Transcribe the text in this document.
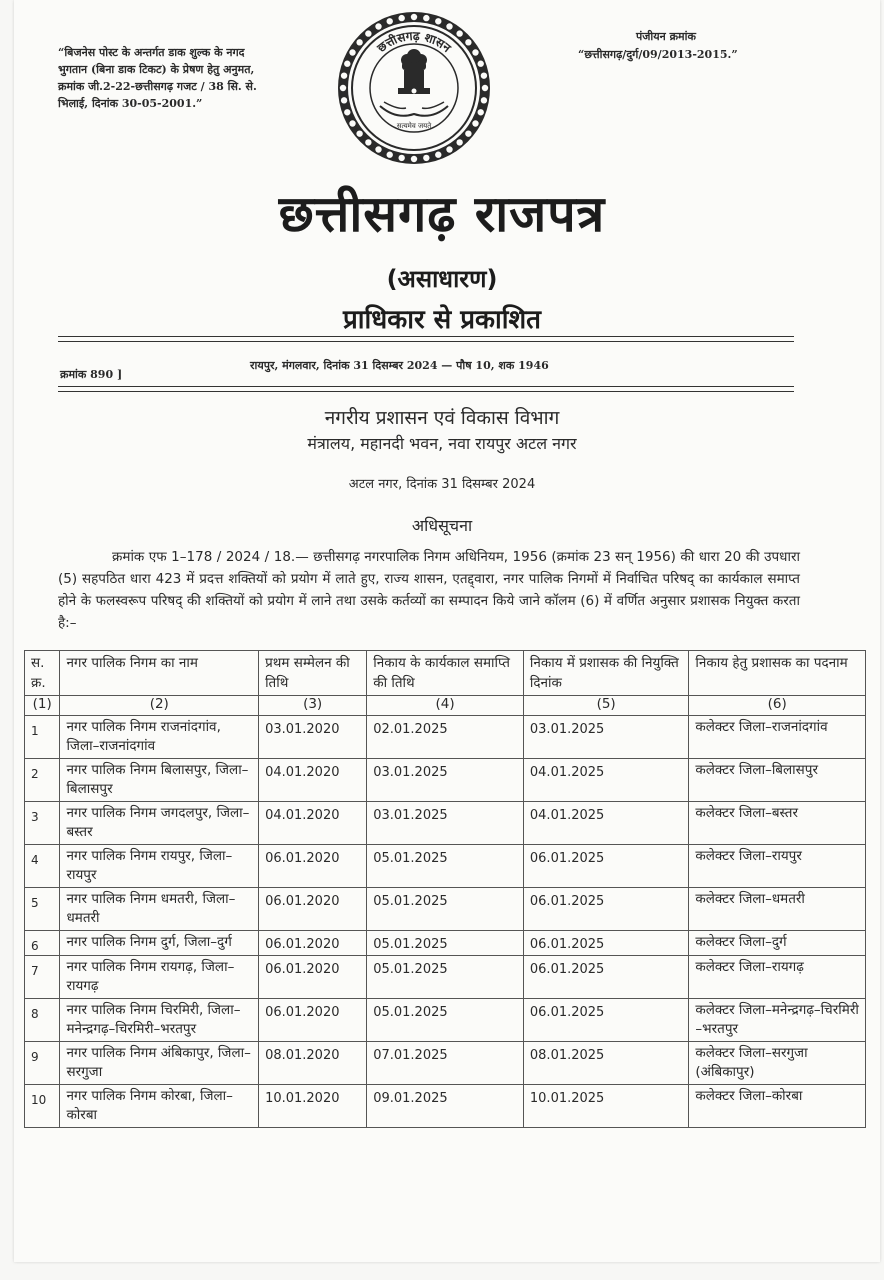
“बिजनेस पोस्ट के अन्तर्गत डाक शुल्क के नगद भुगतान (बिना डाक टिकट) के प्रेषण हेतु अनुमत, क्रमांक जी.2-22-छत्तीसगढ़ गजट / 38 सि. से. भिलाई, दिनांक 30-05-2001.”
पंजीयन क्रमांक
“छत्तीसगढ़/दुर्ग/09/2013-2015.”
छत्तीसगढ़ शासन
सत्यमेव जयते
छत्तीसगढ़ राजपत्र
(असाधारण)
प्राधिकार से प्रकाशित
क्रमांक 890 ]
रायपुर, मंगलवार, दिनांक 31 दिसम्बर 2024 — पौष 10, शक 1946
नगरीय प्रशासन एवं विकास विभाग
मंत्रालय, महानदी भवन, नवा रायपुर अटल नगर
अटल नगर, दिनांक 31 दिसम्बर 2024
अधिसूचना
क्रमांक एफ 1–178 / 2024 / 18.— छत्तीसगढ़ नगरपालिक निगम अधिनियम, 1956 (क्रमांक 23 सन् 1956) की धारा 20 की उपधारा (5) सहपठित धारा 423 में प्रदत्त शक्तियों को प्रयोग में लाते हुए, राज्य शासन, एतद्द्वारा, नगर पालिक निगमों में निर्वाचित परिषद् का कार्यकाल समाप्त होने के फलस्वरूप परिषद् की शक्तियों को प्रयोग में लाने तथा उसके कर्तव्यों का सम्पादन किये जाने कॉलम (6) में वर्णित अनुसार प्रशासक नियुक्त करता है:–
स. क्र.	नगर पालिक निगम का नाम	प्रथम सम्मेलन की तिथि	निकाय के कार्यकाल समाप्ति की तिथि	निकाय में प्रशासक की नियुक्ति दिनांक	निकाय हेतु प्रशासक का पदनाम
(1)	(2)	(3)	(4)	(5)	(6)
1	नगर पालिक निगम राजनांदगांव, जिला–राजनांदगांव	03.01.2020	02.01.2025	03.01.2025	कलेक्टर जिला–राजनांदगांव
2	नगर पालिक निगम बिलासपुर, जिला–बिलासपुर	04.01.2020	03.01.2025	04.01.2025	कलेक्टर जिला–बिलासपुर
3	नगर पालिक निगम जगदलपुर, जिला–बस्तर	04.01.2020	03.01.2025	04.01.2025	कलेक्टर जिला–बस्तर
4	नगर पालिक निगम रायपुर, जिला–रायपुर	06.01.2020	05.01.2025	06.01.2025	कलेक्टर जिला–रायपुर
5	नगर पालिक निगम धमतरी, जिला–धमतरी	06.01.2020	05.01.2025	06.01.2025	कलेक्टर जिला–धमतरी
6	नगर पालिक निगम दुर्ग, जिला–दुर्ग	06.01.2020	05.01.2025	06.01.2025	कलेक्टर जिला–दुर्ग
7	नगर पालिक निगम रायगढ़, जिला–रायगढ़	06.01.2020	05.01.2025	06.01.2025	कलेक्टर जिला–रायगढ़
8	नगर पालिक निगम चिरमिरी, जिला–मनेन्द्रगढ़–चिरमिरी–भरतपुर	06.01.2020	05.01.2025	06.01.2025	कलेक्टर जिला–मनेन्द्रगढ़–चिरमिरी –भरतपुर
9	नगर पालिक निगम अंबिकापुर, जिला–सरगुजा	08.01.2020	07.01.2025	08.01.2025	कलेक्टर जिला–सरगुजा (अंबिकापुर)
10	नगर पालिक निगम कोरबा, जिला–कोरबा	10.01.2020	09.01.2025	10.01.2025	कलेक्टर जिला–कोरबा
